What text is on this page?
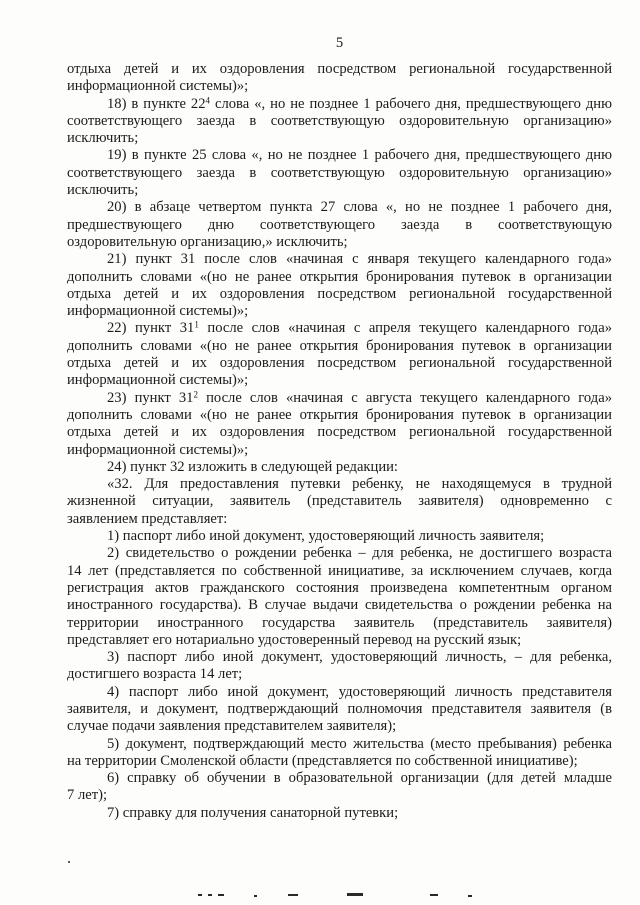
5
отдыха детей и их оздоровления посредством региональной государственной
информационной системы)»;
18) в пункте $22^4$ слова «, но не позднее 1 рабочего дня, предшествующего дню
соответствующего заезда в соответствующую оздоровительную организацию»
исключить;
19) в пункте 25 слова «, но не позднее 1 рабочего дня, предшествующего дню
соответствующего заезда в соответствующую оздоровительную организацию»
исключить;
20) в абзаце четвертом пункта 27 слова «, но не позднее 1 рабочего дня,
предшествующего дню соответствующего заезда в соответствующую
оздоровительную организацию,» исключить;
21) пункт 31 после слов «начиная с января текущего календарного года»
дополнить словами «(но не ранее открытия бронирования путевок в организации
отдыха детей и их оздоровления посредством региональной государственной
информационной системы)»;
22) пункт $31^1$ после слов «начиная с апреля текущего календарного года»
дополнить словами «(но не ранее открытия бронирования путевок в организации
отдыха детей и их оздоровления посредством региональной государственной
информационной системы)»;
23) пункт $31^2$ после слов «начиная с августа текущего календарного года»
дополнить словами «(но не ранее открытия бронирования путевок в организации
отдыха детей и их оздоровления посредством региональной государственной
информационной системы)»;
24) пункт 32 изложить в следующей редакции:
«32. Для предоставления путевки ребенку, не находящемуся в трудной
жизненной ситуации, заявитель (представитель заявителя) одновременно с
заявлением представляет:
1) паспорт либо иной документ, удостоверяющий личность заявителя;
2) свидетельство о рождении ребенка – для ребенка, не достигшего возраста
14 лет (представляется по собственной инициативе, за исключением случаев, когда
регистрация актов гражданского состояния произведена компетентным органом
иностранного государства). В случае выдачи свидетельства о рождении ребенка на
территории иностранного государства заявитель (представитель заявителя)
представляет его нотариально удостоверенный перевод на русский язык;
3) паспорт либо иной документ, удостоверяющий личность, – для ребенка,
достигшего возраста 14 лет;
4) паспорт либо иной документ, удостоверяющий личность представителя
заявителя, и документ, подтверждающий полномочия представителя заявителя (в
случае подачи заявления представителем заявителя);
5) документ, подтверждающий место жительства (место пребывания) ребенка
на территории Смоленской области (представляется по собственной инициативе);
6) справку об обучении в образовательной организации (для детей младше
7 лет);
7) справку для получения санаторной путевки;
